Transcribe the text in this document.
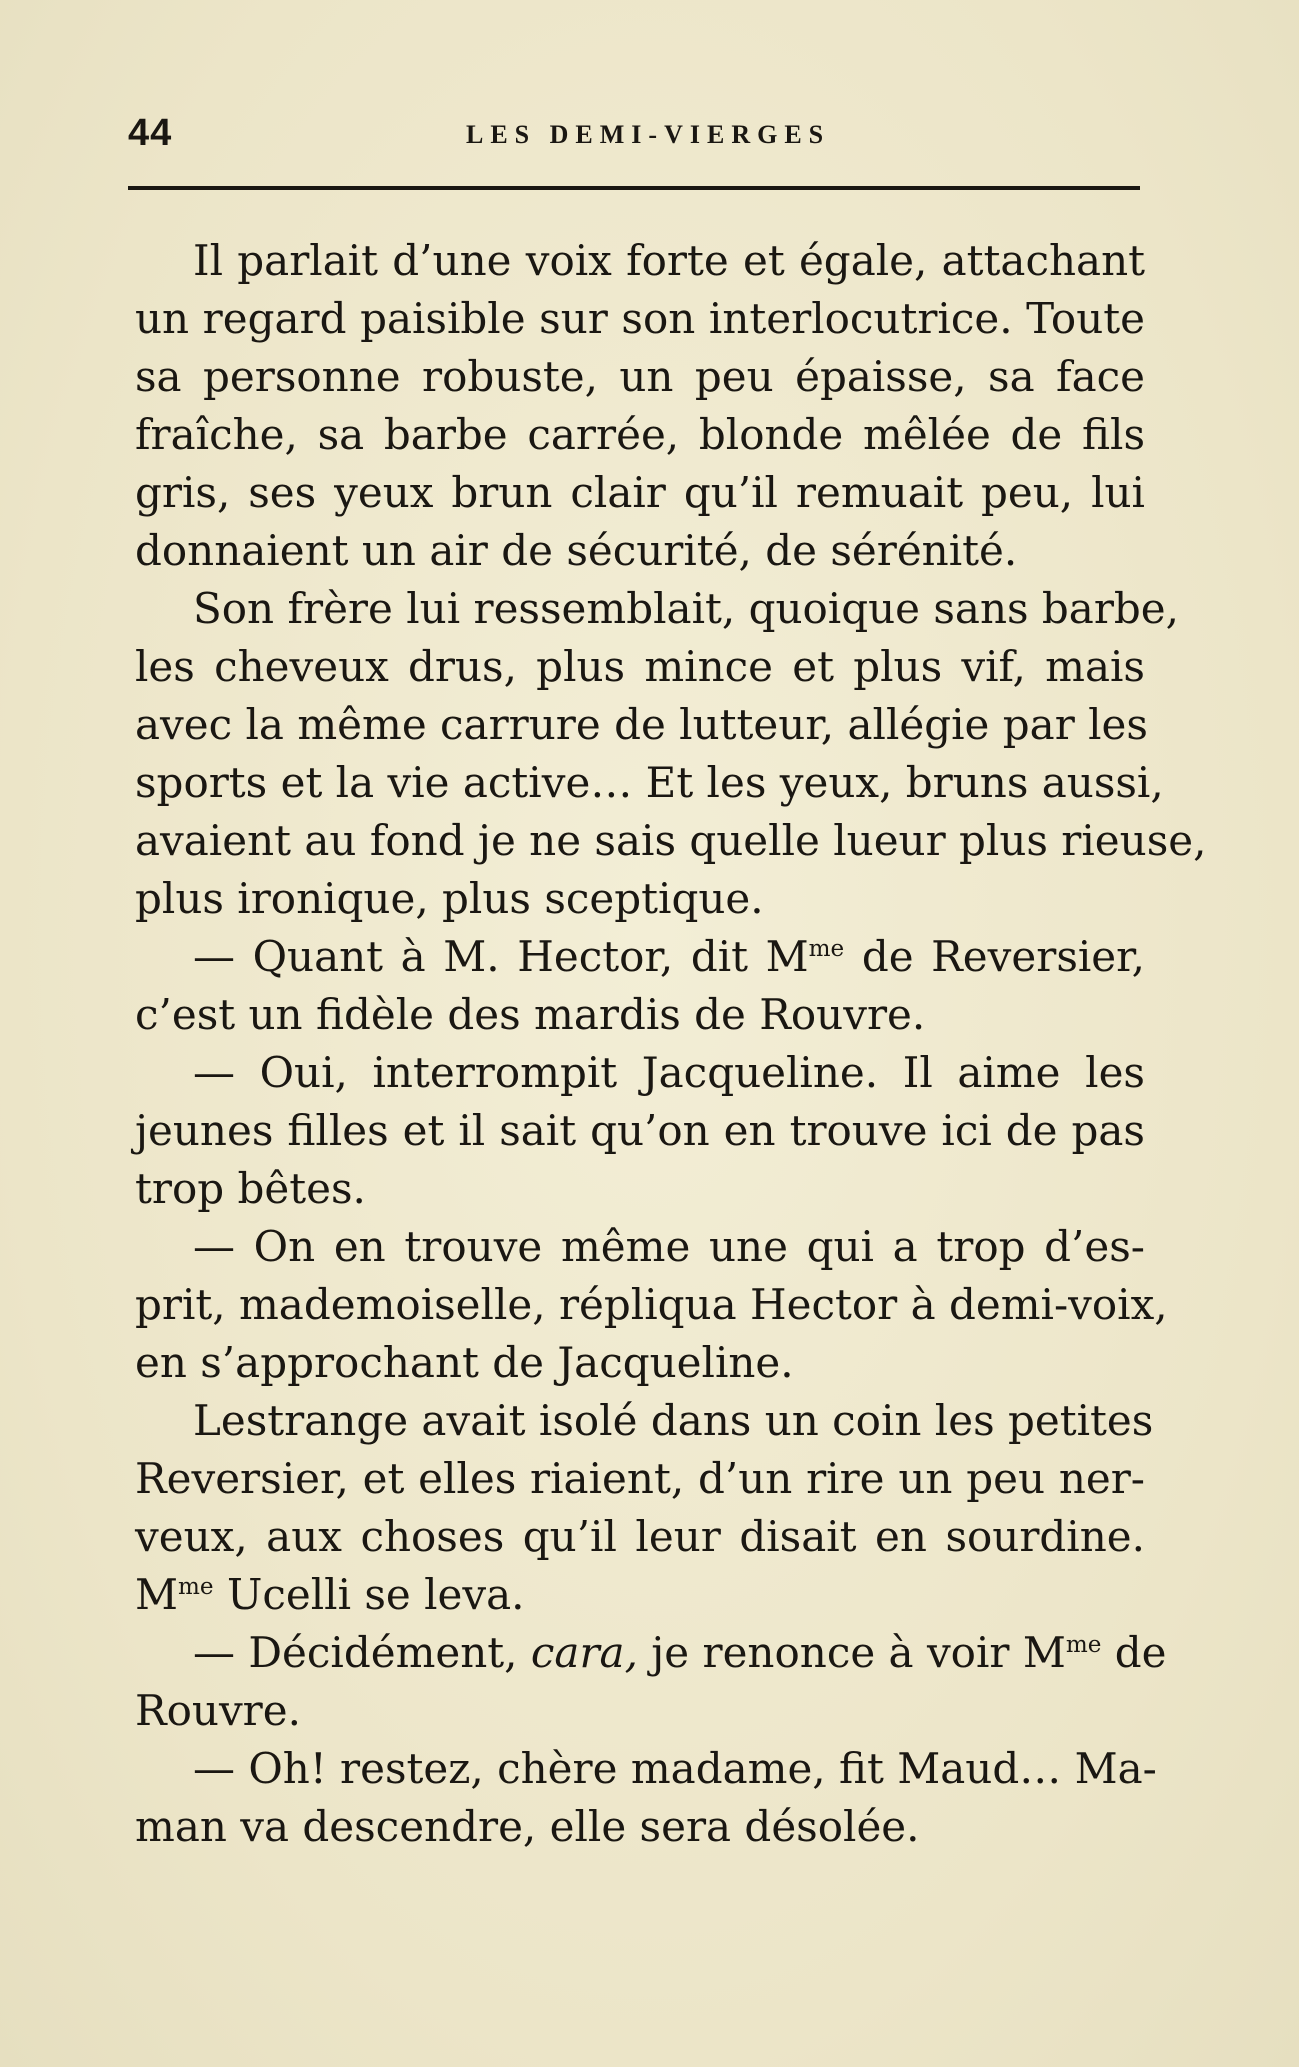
44	LES DEMI-VIERGES
Il parlait d’une voix forte et égale, attachant
un regard paisible sur son interlocutrice. Toute
sa personne robuste, un peu épaisse, sa face
fraîche, sa barbe carrée, blonde mêlée de fils
gris, ses yeux brun clair qu’il remuait peu, lui
donnaient un air de sécurité, de sérénité.
Son frère lui ressemblait, quoique sans barbe,
les cheveux drus, plus mince et plus vif, mais
avec la même carrure de lutteur, allégie par les
sports et la vie active… Et les yeux, bruns aussi,
avaient au fond je ne sais quelle lueur plus rieuse,
plus ironique, plus sceptique.
— Quant à M. Hector, dit $M^{me}$ de Reversier,
c’est un fidèle des mardis de Rouvre.
— Oui, interrompit Jacqueline. Il aime les
jeunes filles et il sait qu’on en trouve ici de pas
trop bêtes.
— On en trouve même une qui a trop d’es-
prit, mademoiselle, répliqua Hector à demi-voix,
en s’approchant de Jacqueline.
Lestrange avait isolé dans un coin les petites
Reversier, et elles riaient, d’un rire un peu ner-
veux, aux choses qu’il leur disait en sourdine.
$M^{me}$ Ucelli se leva.
— Décidément, cara, je renonce à voir $M^{me}$ de
Rouvre.
— Oh! restez, chère madame, fit Maud… Ma-
man va descendre, elle sera désolée.
